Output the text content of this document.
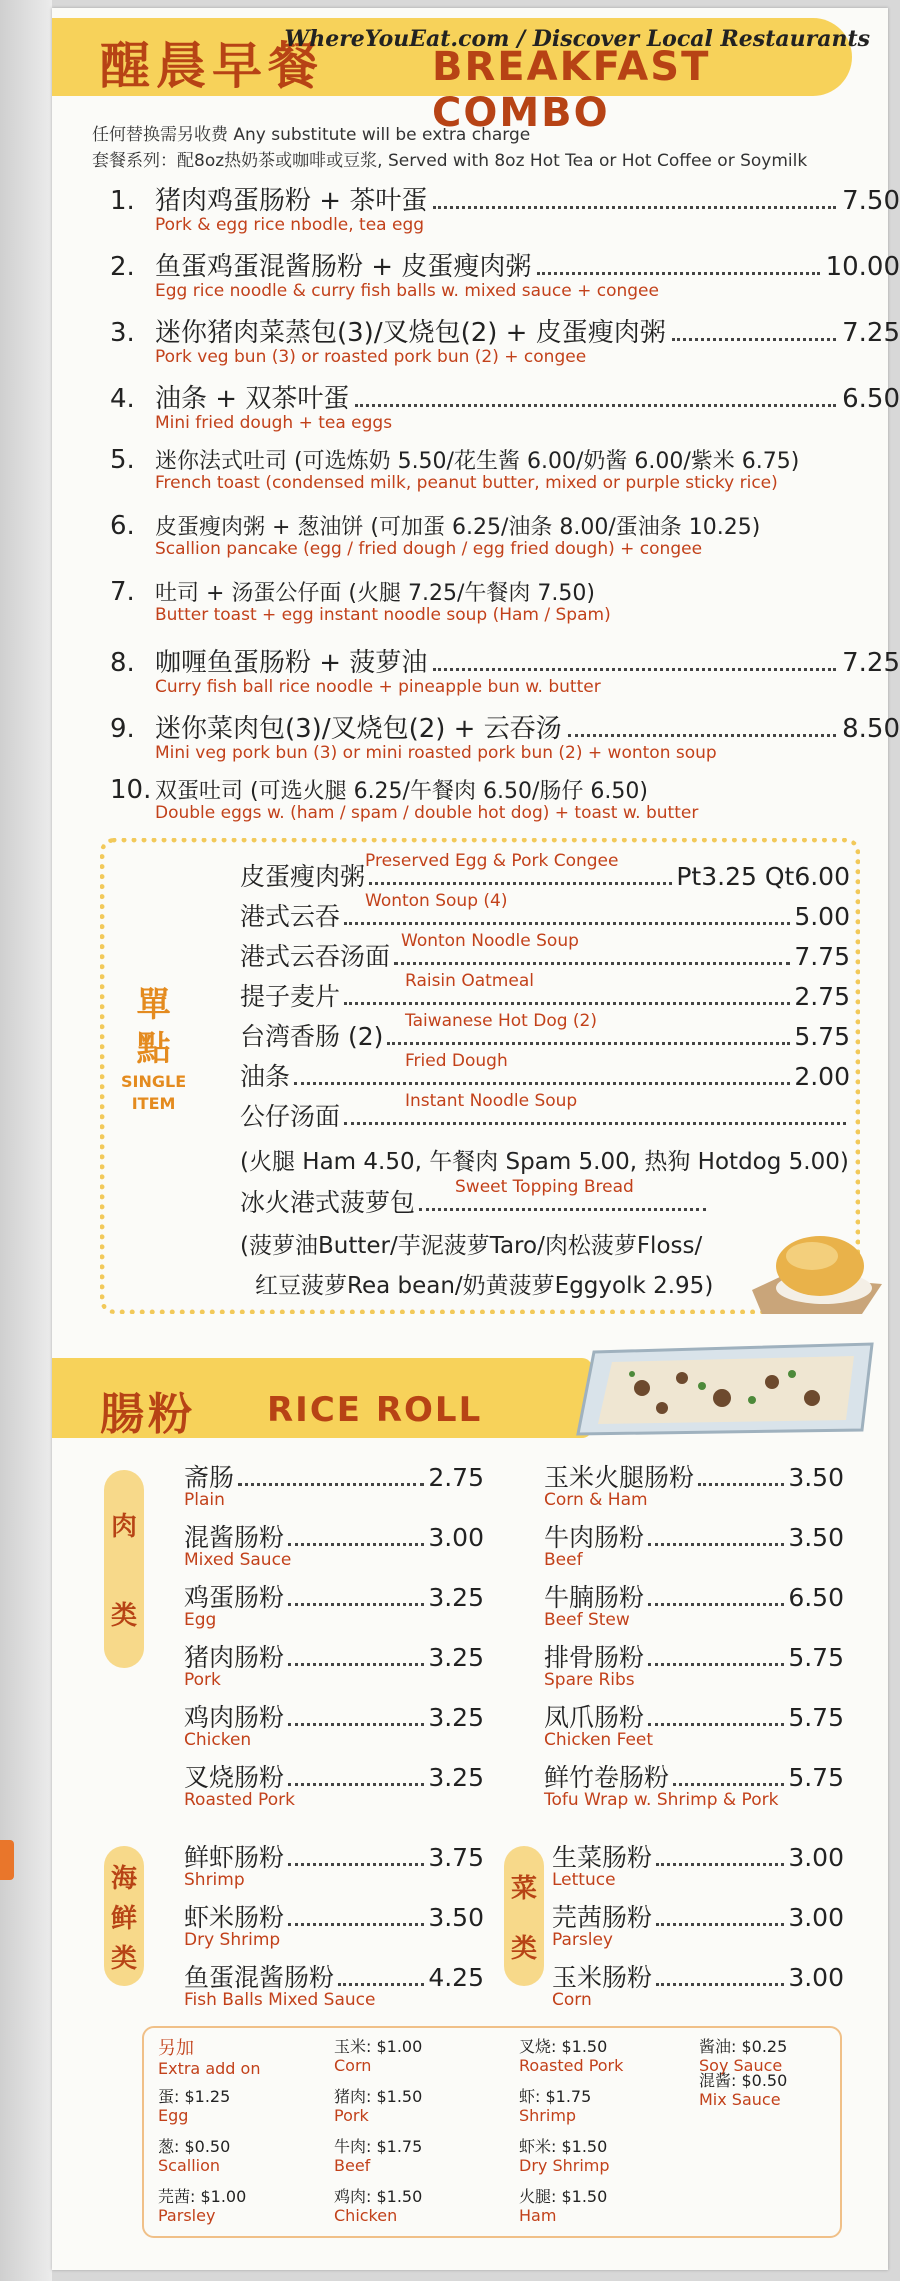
醒晨早餐	BREAKFAST COMBO
WhereYouEat.com / Discover Local Restaurants
任何替换需另收费 Any substitute will be extra charge
套餐系列：配8oz热奶茶或咖啡或豆浆, Served with 8oz Hot Tea or Hot Coffee or Soymilk
1. 猪肉鸡蛋肠粉 + 茶叶蛋	7.50
Pork & egg rice nbodle, tea egg
2. 鱼蛋鸡蛋混酱肠粉 + 皮蛋瘦肉粥	10.00
Egg rice noodle & curry fish balls w. mixed sauce + congee
3. 迷你猪肉菜蒸包(3)/叉烧包(2) + 皮蛋瘦肉粥	7.25
Pork veg bun (3) or roasted pork bun (2) + congee
4. 油条 + 双茶叶蛋	6.50
Mini fried dough + tea eggs
5. 迷你法式吐司 (可选炼奶 5.50/花生酱 6.00/奶酱 6.00/紫米 6.75)
French toast (condensed milk, peanut butter, mixed or purple sticky rice)
6. 皮蛋瘦肉粥 + 葱油饼 (可加蛋 6.25/油条 8.00/蛋油条 10.25)
Scallion pancake (egg / fried dough / egg fried dough) + congee
7. 吐司 + 汤蛋公仔面 (火腿 7.25/午餐肉 7.50)
Butter toast + egg instant noodle soup (Ham / Spam)
8. 咖喱鱼蛋肠粉 + 菠萝油	7.25
Curry fish ball rice noodle + pineapple bun w. butter
9. 迷你菜肉包(3)/叉烧包(2) + 云吞汤	8.50
Mini veg pork bun (3) or mini roasted pork bun (2) + wonton soup
10. 双蛋吐司 (可选火腿 6.25/午餐肉 6.50/肠仔 6.50)
Double eggs w. (ham / spam / double hot dog) + toast w. butter
單
點
SINGLE
ITEM
皮蛋瘦肉粥	Pt3.25 Qt6.00
Preserved Egg & Pork Congee
港式云吞	5.00
Wonton Soup (4)
港式云吞汤面	7.75
Wonton Noodle Soup
提子麦片	2.75
Raisin Oatmeal
台湾香肠 (2)	5.75
Taiwanese Hot Dog (2)
油条	2.00
Fried Dough
公仔汤面
Instant Noodle Soup
(火腿 Ham 4.50, 午餐肉 Spam 5.00, 热狗 Hotdog 5.00)
冰火港式菠萝包
Sweet Topping Bread
(菠萝油Butter/芋泥菠萝Taro/肉松菠萝Floss/
红豆菠萝Rea bean/奶黄菠萝Eggyolk 2.95)
腸粉 RICE ROLL
肉
类
斋肠	2.75
Plain
混酱肠粉	3.00
Mixed Sauce
鸡蛋肠粉	3.25
Egg
猪肉肠粉	3.25
Pork
鸡肉肠粉	3.25
Chicken
叉烧肠粉	3.25
Roasted Pork
玉米火腿肠粉	3.50
Corn & Ham
牛肉肠粉	3.50
Beef
牛腩肠粉	6.50
Beef Stew
排骨肠粉	5.75
Spare Ribs
凤爪肠粉	5.75
Chicken Feet
鲜竹卷肠粉	5.75
Tofu Wrap w. Shrimp & Pork
海
鲜
类
鲜虾肠粉	3.75
Shrimp
虾米肠粉	3.50
Dry Shrimp
鱼蛋混酱肠粉	4.25
Fish Balls Mixed Sauce
菜
类
生菜肠粉	3.00
Lettuce
芫茜肠粉	3.00
Parsley
玉米肠粉	3.00
Corn
另加
Extra add on
蛋: $1.25
Egg
葱: $0.50
Scallion
芫茜: $1.00
Parsley
玉米: $1.00
Corn
猪肉: $1.50
Pork
牛肉: $1.75
Beef
鸡肉: $1.50
Chicken
叉烧: $1.50
Roasted Pork
虾: $1.75
Shrimp
虾米: $1.50
Dry Shrimp
火腿: $1.50
Ham
酱油: $0.25
Soy Sauce
混酱: $0.50
Mix Sauce
